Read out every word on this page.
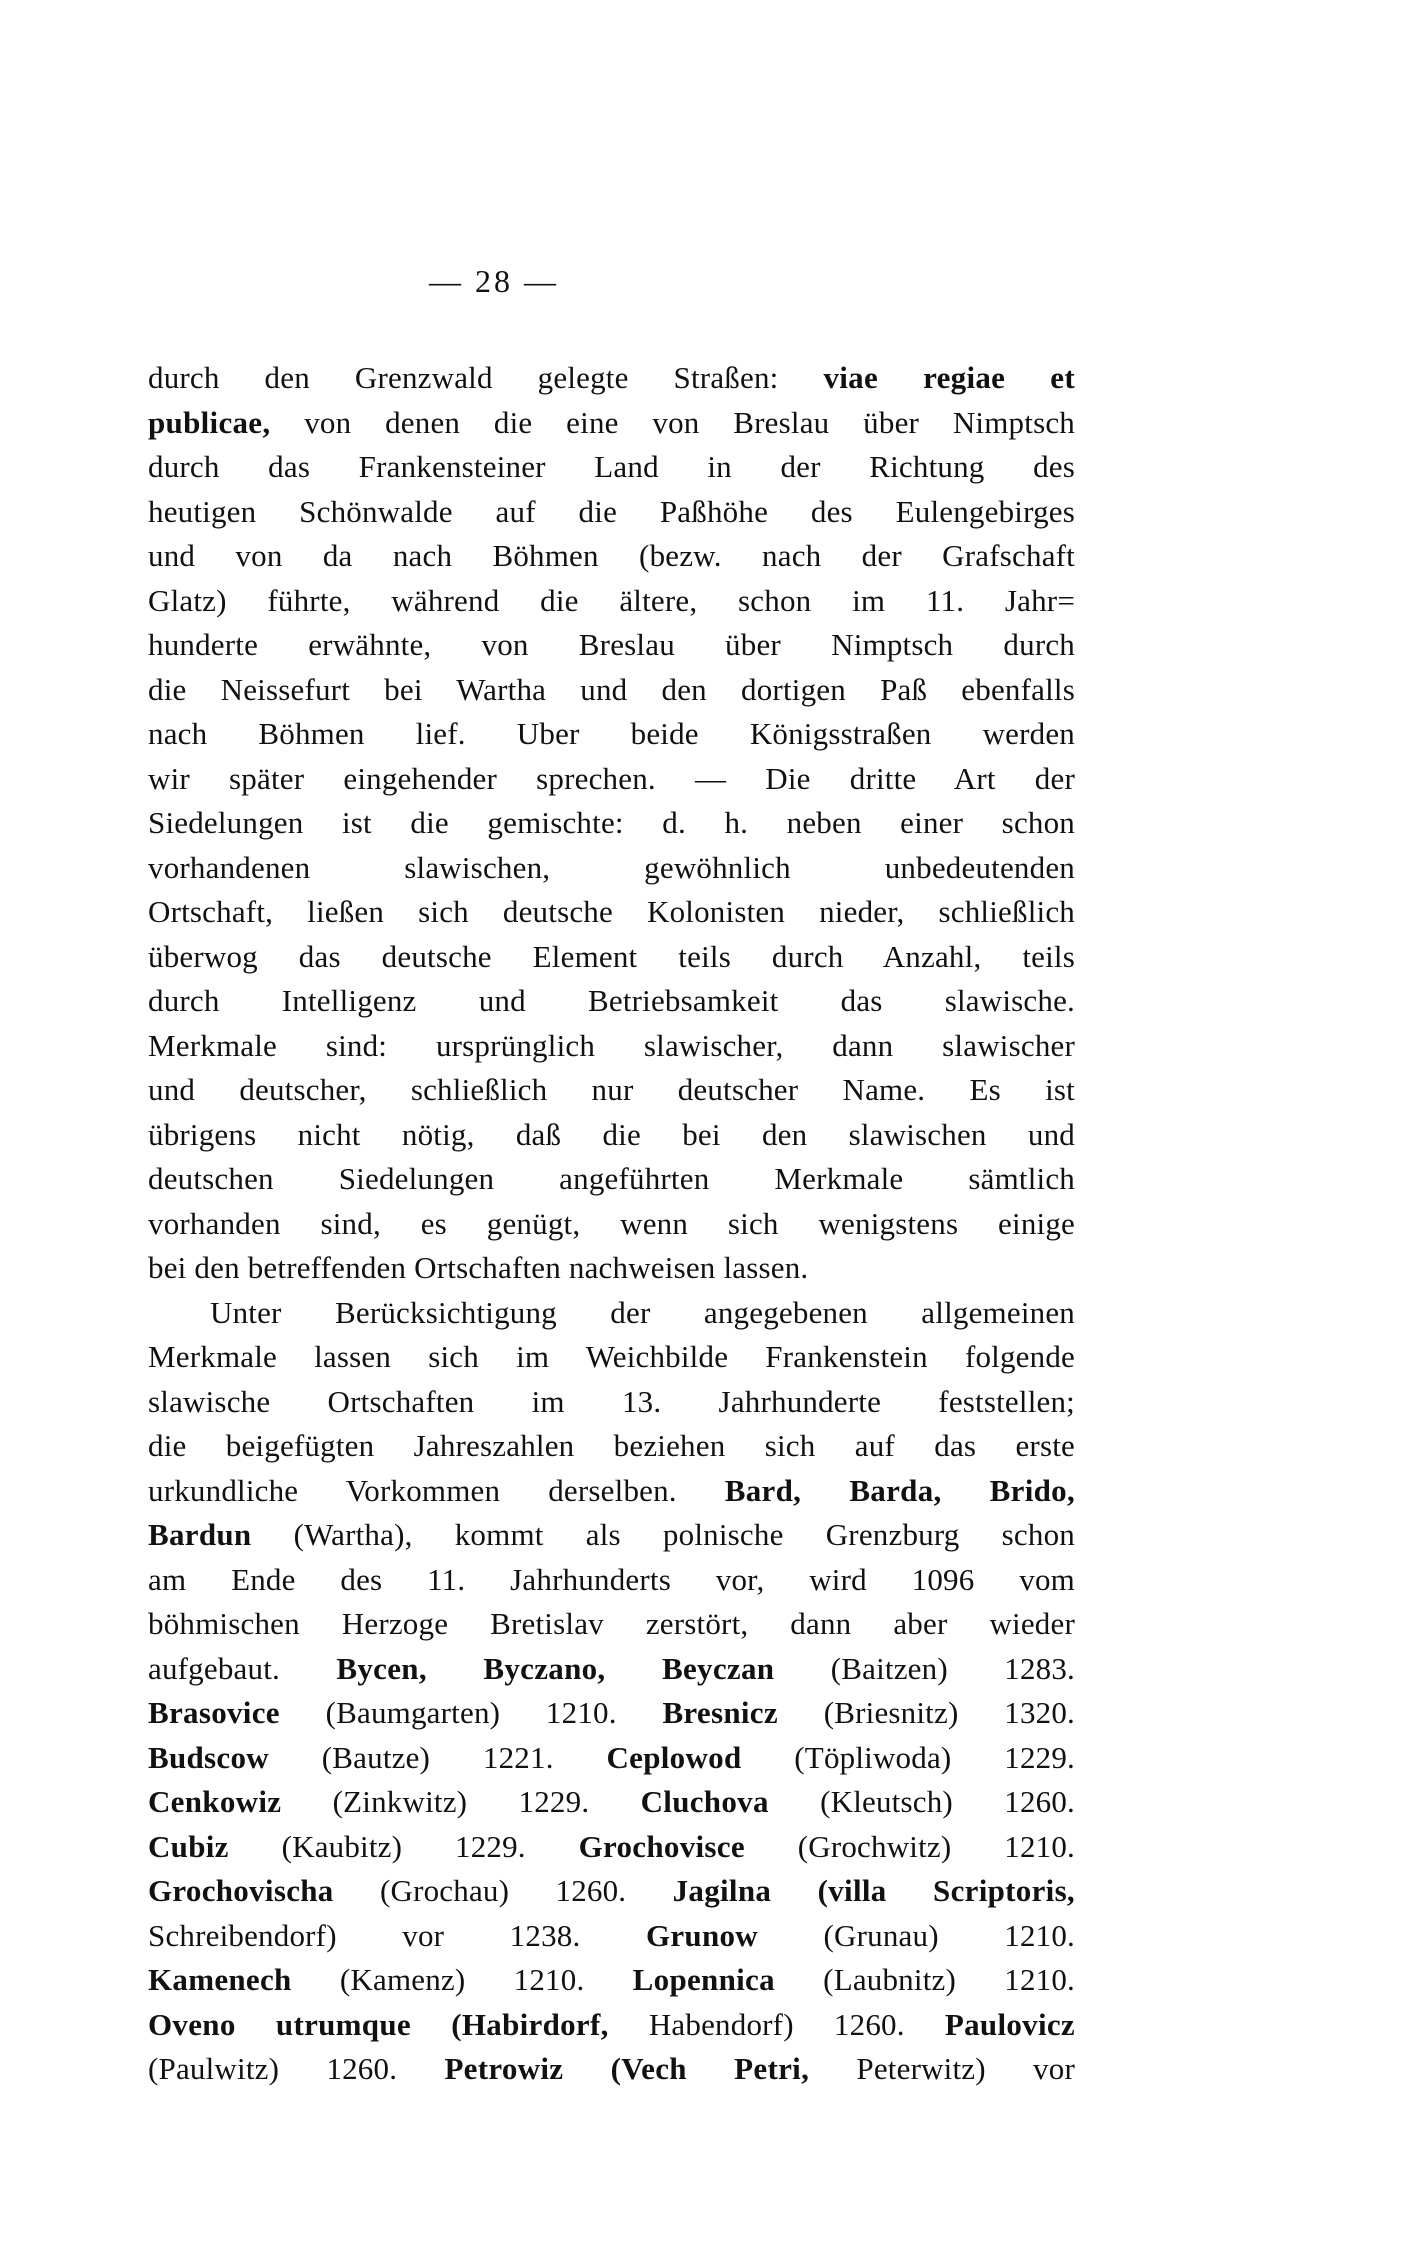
— 28 —
durch den Grenzwald gelegte Straßen: viae regiae et
publicae, von denen die eine von Breslau über Nimptsch
durch das Frankensteiner Land in der Richtung des
heutigen Schönwalde auf die Paßhöhe des Eulengebirges
und von da nach Böhmen (bezw. nach der Grafschaft
Glatz) führte, während die ältere, schon im 11. Jahr=
hunderte erwähnte, von Breslau über Nimptsch durch
die Neissefurt bei Wartha und den dortigen Paß ebenfalls
nach Böhmen lief. Uber beide Königsstraßen werden
wir später eingehender sprechen. — Die dritte Art der
Siedelungen ist die gemischte: d. h. neben einer schon
vorhandenen slawischen, gewöhnlich unbedeutenden
Ortschaft, ließen sich deutsche Kolonisten nieder, schließlich
überwog das deutsche Element teils durch Anzahl, teils
durch Intelligenz und Betriebsamkeit das slawische.
Merkmale sind: ursprünglich slawischer, dann slawischer
und deutscher, schließlich nur deutscher Name. Es ist
übrigens nicht nötig, daß die bei den slawischen und
deutschen Siedelungen angeführten Merkmale sämtlich
vorhanden sind, es genügt, wenn sich wenigstens einige
bei den betreffenden Ortschaften nachweisen lassen.
Unter Berücksichtigung der angegebenen allgemeinen
Merkmale lassen sich im Weichbilde Frankenstein folgende
slawische Ortschaften im 13. Jahrhunderte feststellen;
die beigefügten Jahreszahlen beziehen sich auf das erste
urkundliche Vorkommen derselben. Bard, Barda, Brido,
Bardun (Wartha), kommt als polnische Grenzburg schon
am Ende des 11. Jahrhunderts vor, wird 1096 vom
böhmischen Herzoge Bretislav zerstört, dann aber wieder
aufgebaut. Bycen, Byczano, Beyczan (Baitzen) 1283.
Brasovice (Baumgarten) 1210. Bresnicz (Briesnitz) 1320.
Budscow (Bautze) 1221. Ceplowod (Töpliwoda) 1229.
Cenkowiz (Zinkwitz) 1229. Cluchova (Kleutsch) 1260.
Cubiz (Kaubitz) 1229. Grochovisce (Grochwitz) 1210.
Grochovischa (Grochau) 1260. Jagilna (villa Scriptoris,
Schreibendorf) vor 1238. Grunow (Grunau) 1210.
Kamenech (Kamenz) 1210. Lopennica (Laubnitz) 1210.
Oveno utrumque (Habirdorf, Habendorf) 1260. Paulovicz
(Paulwitz) 1260. Petrowiz (Vech Petri, Peterwitz) vor
